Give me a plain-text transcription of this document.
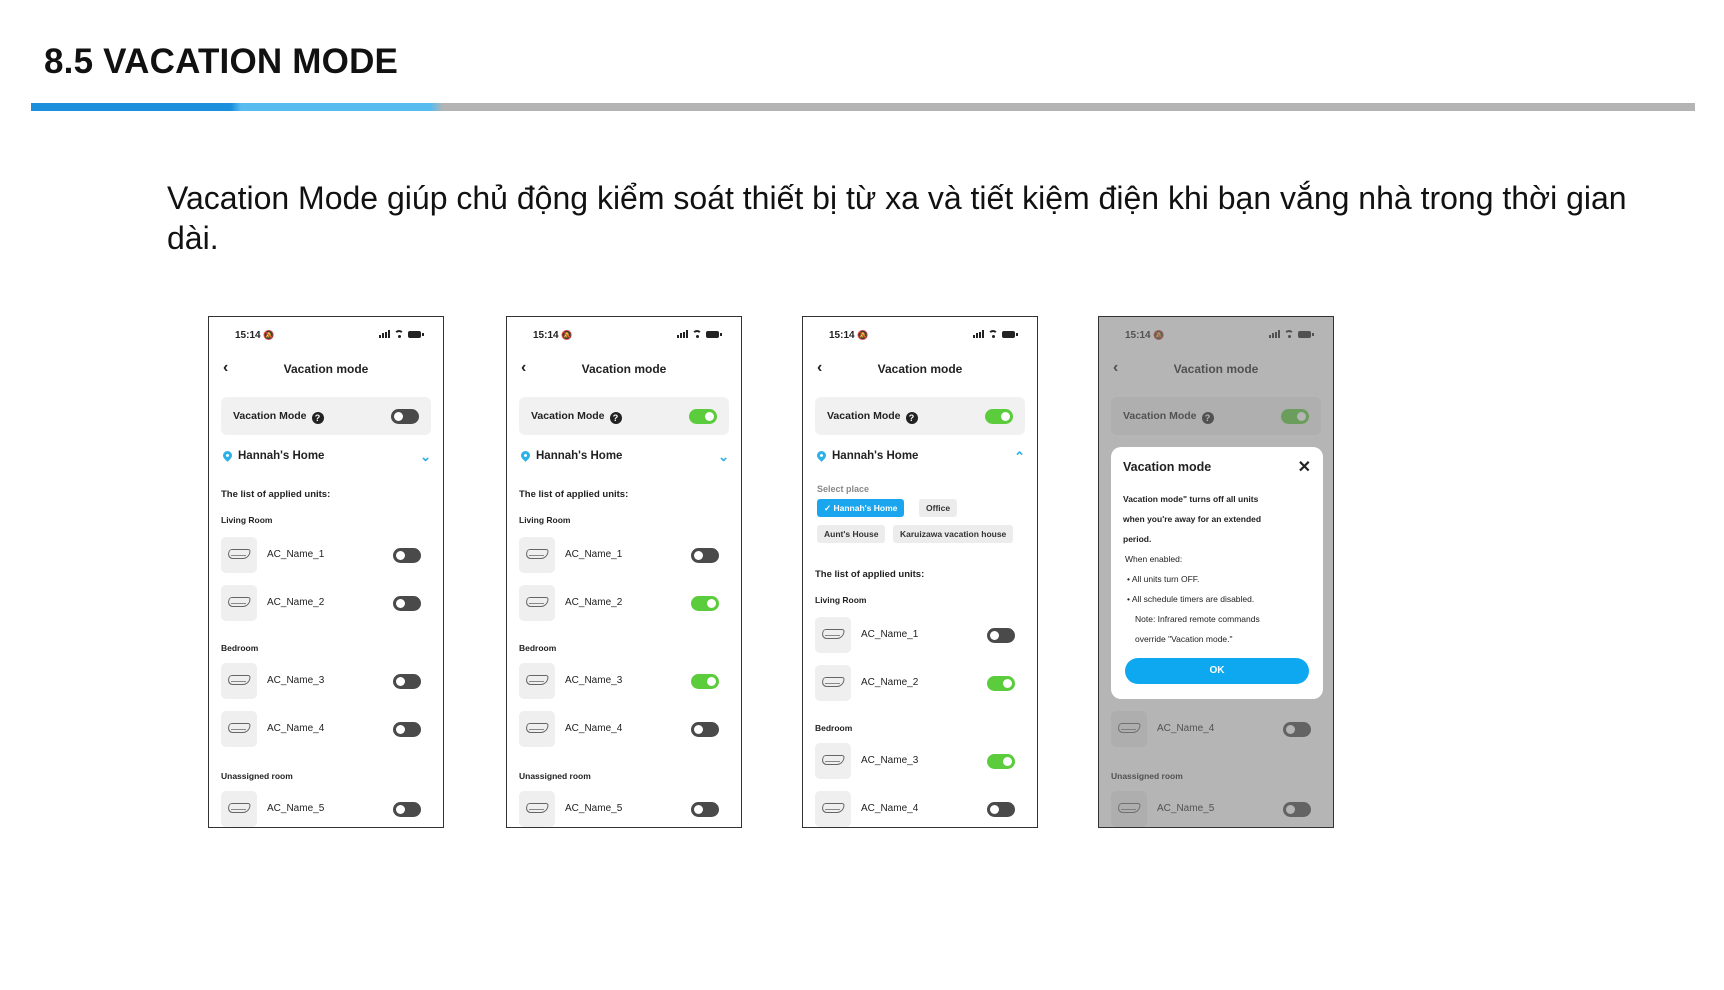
8.5 VACATION MODE
Vacation Mode giúp chủ động kiểm soát thiết bị từ xa và tiết kiệm điện khi bạn vắng nhà trong thời gian dài.
15:14 🔕
‹	Vacation mode
Vacation Mode ?
Hannah's Home	⌄
The list of applied units:
Living Room
AC_Name_1
AC_Name_2
Bedroom
AC_Name_3
AC_Name_4
Unassigned room
AC_Name_5
15:14 🔕
‹	Vacation mode
Vacation Mode ?
Hannah's Home	⌄
The list of applied units:
Living Room
AC_Name_1
AC_Name_2
Bedroom
AC_Name_3
AC_Name_4
Unassigned room
AC_Name_5
15:14 🔕
‹	Vacation mode
Vacation Mode ?
Hannah's Home	⌃
Select place
✓ Hannah's Home	Office
Aunt's House	Karuizawa vacation house
The list of applied units:
Living Room
AC_Name_1
AC_Name_2
Bedroom
AC_Name_3
AC_Name_4
Vacation mode	✕
Vacation mode" turns off all units
when you're away for an extended
period.
When enabled:
• All units turn OFF.
• All schedule timers are disabled.
Note: Infrared remote commands
override "Vacation mode."
OK
